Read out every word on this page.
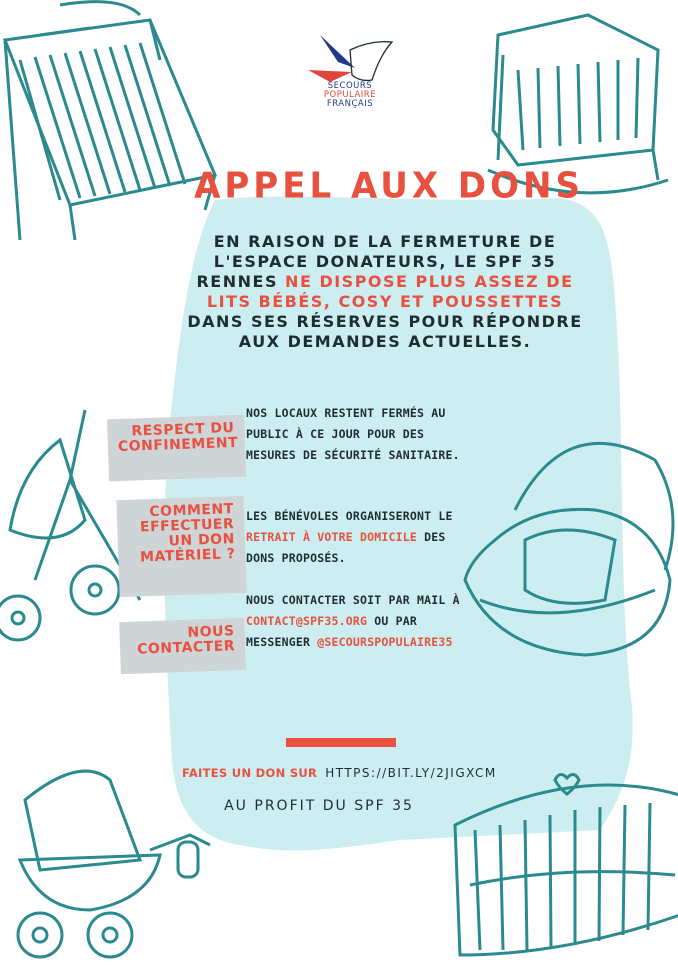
SECOURS
POPULAIRE
FRANÇAIS
APPEL AUX DONS
EN RAISON DE LA FERMETURE DE L'ESPACE DONATEURS, LE SPF 35 RENNES NE DISPOSE PLUS ASSEZ DE LITS BÉBÉS, COSY ET POUSSETTES DANS SES RÉSERVES POUR RÉPONDRE AUX DEMANDES ACTUELLES.
RESPECT DU CONFINEMENT
NOS LOCAUX RESTENT FERMÉS AU PUBLIC À CE JOUR POUR DES MESURES DE SÉCURITÉ SANITAIRE.
COMMENT EFFECTUER UN DON MATÉRIEL ?
LES BÉNÉVOLES ORGANISERONT LE RETRAIT À VOTRE DOMICILE DES DONS PROPOSÉS.
NOUS CONTACTER
NOUS CONTACTER SOIT PAR MAIL À CONTACT@SPF35.ORG OU PAR MESSENGER @SECOURSPOPULAIRE35
FAITES UN DON SUR HTTPS://BIT.LY/2JIGXCM
AU PROFIT DU SPF 35
